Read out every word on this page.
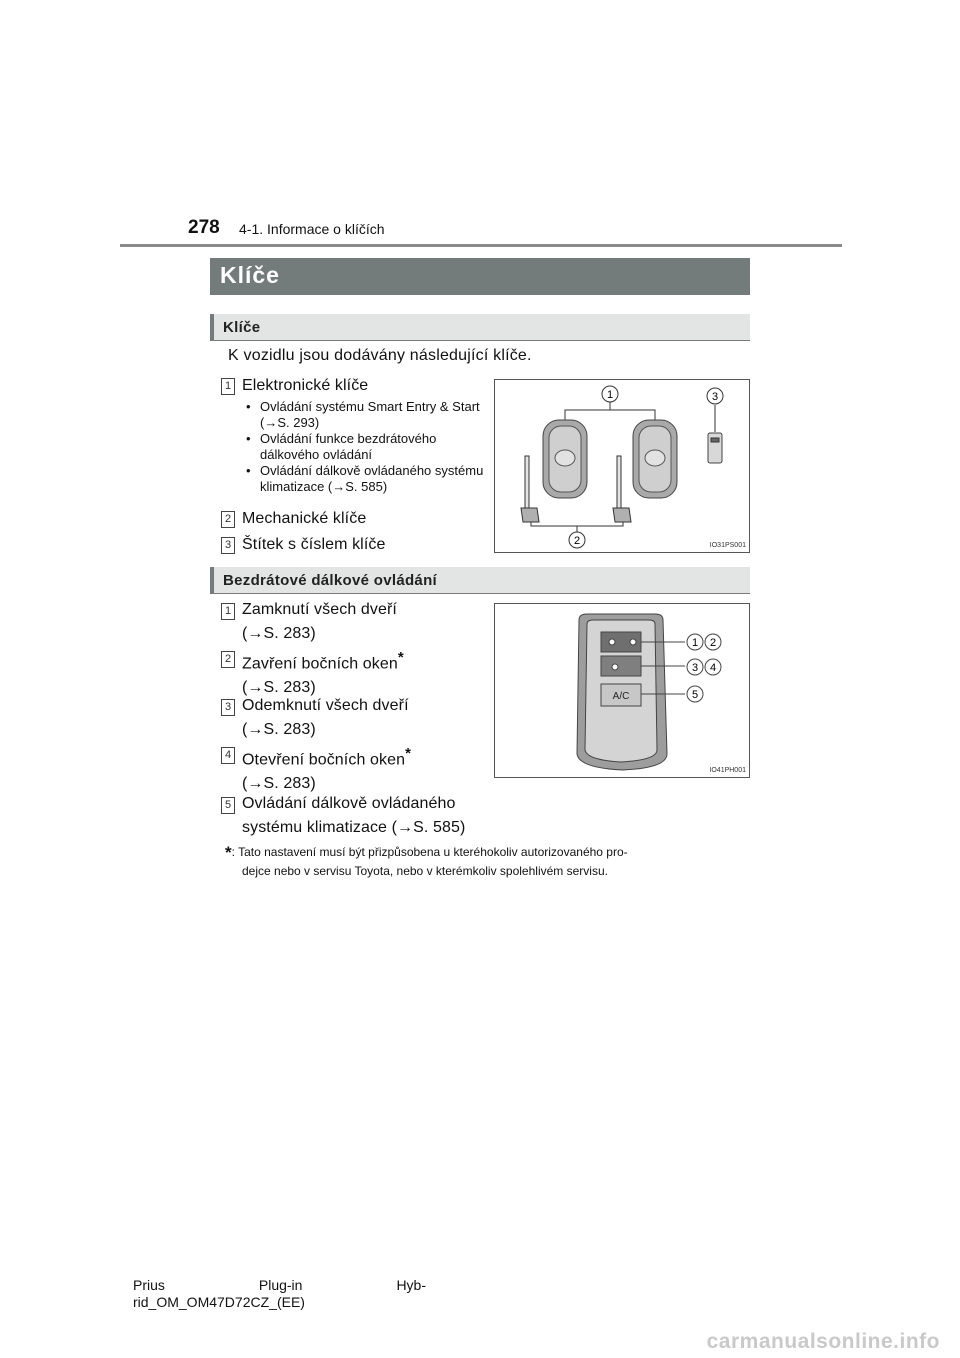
278 4-1. Informace o klíčích
Klíče
Klíče
K vozidlu jsou dodávány následující klíče.
1 Elektronické klíče
• Ovládání systému Smart Entry & Start (→S. 293)
• Ovládání funkce bezdrátového dálkového ovládání
• Ovládání dálkově ovládaného systému klimatizace (→S. 585)
2 Mechanické klíče
3 Štítek s číslem klíče
1	3
2	IO31PS001
Bezdrátové dálkové ovládání
1 Zamknutí všech dveří
(→S. 283)
2 Zavření bočních oken*
(→S. 283)
3 Odemknutí všech dveří
(→S. 283)
4 Otevření bočních oken*
(→S. 283)
5 Ovládání dálkově ovládaného
systému klimatizace (→S. 585)
A/C
1 2
3 4
5
IO41PH001
*: Tato nastavení musí být přizpůsobena u kteréhokoliv autorizovaného pro-
dejce nebo v servisu Toyota, nebo v kterémkoliv spolehlivém servisu.
Prius	Plug-in	Hyb-
rid_OM_OM47D72CZ_(EE)
carmanualsonline.info
